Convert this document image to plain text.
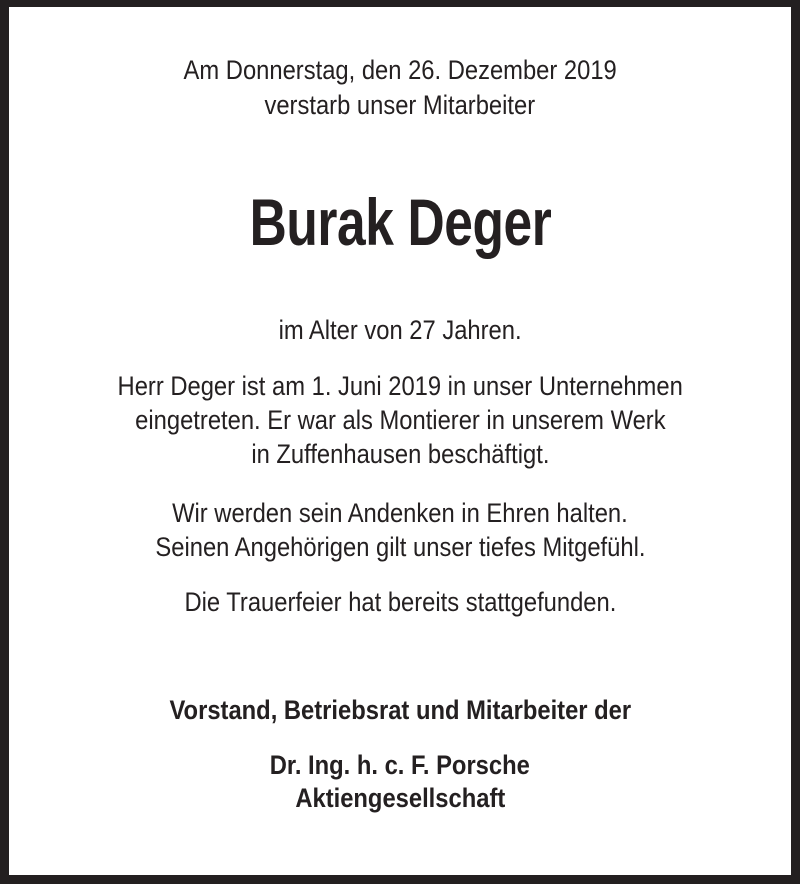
Am Donnerstag, den 26. Dezember 2019
verstarb unser Mitarbeiter
Burak Deger
im Alter von 27 Jahren.
Herr Deger ist am 1. Juni 2019 in unser Unternehmen
eingetreten. Er war als Montierer in unserem Werk
in Zuffenhausen beschäftigt.
Wir werden sein Andenken in Ehren halten.
Seinen Angehörigen gilt unser tiefes Mitgefühl.
Die Trauerfeier hat bereits stattgefunden.
Vorstand, Betriebsrat und Mitarbeiter der
Dr. Ing. h. c. F. Porsche
Aktiengesellschaft
